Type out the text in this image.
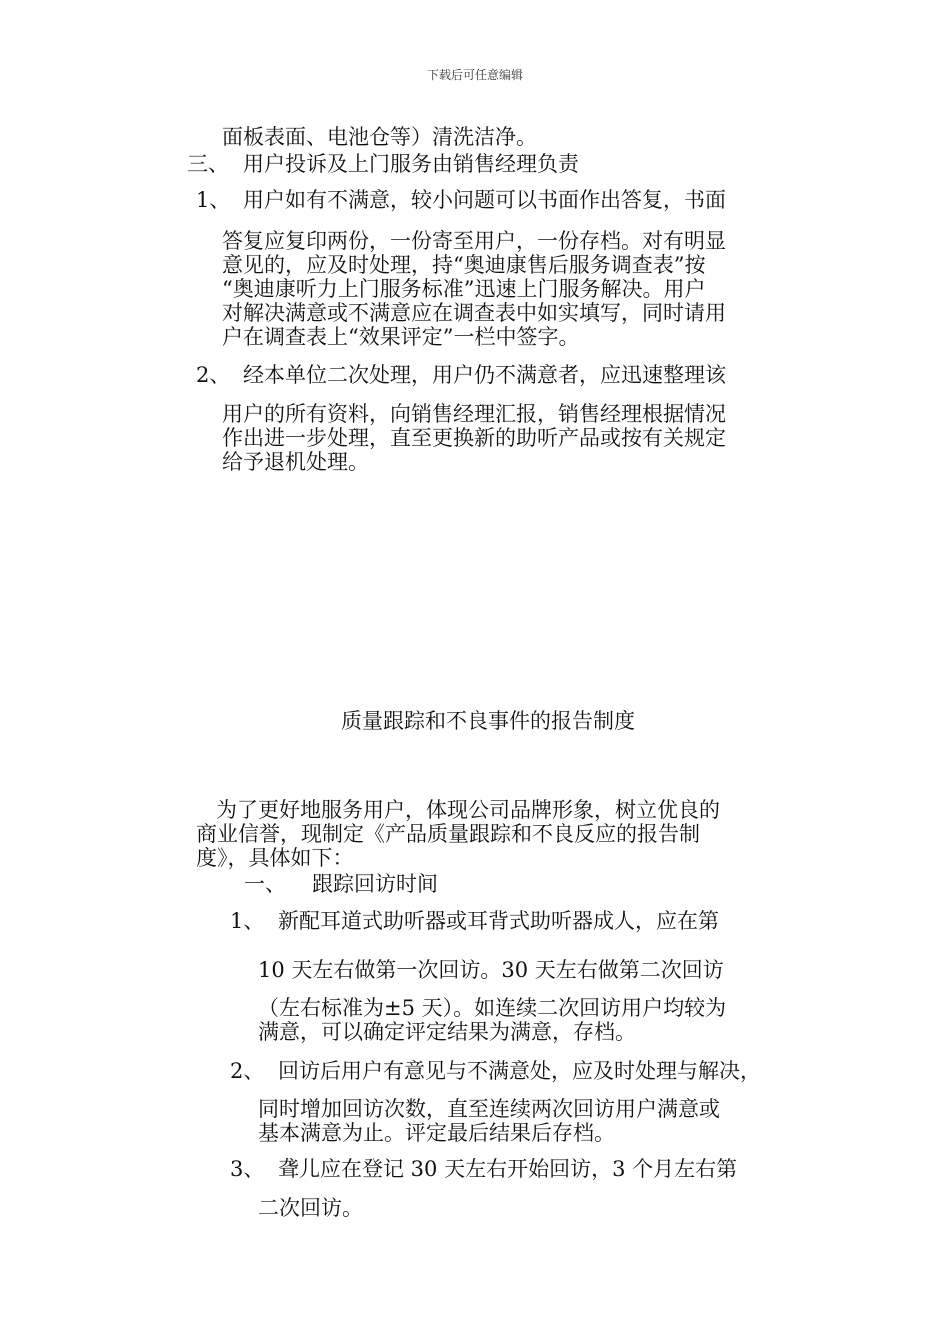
下载后可任意编辑
面板表面、电池仓等）清洗洁净。
三、 用户投诉及上门服务由销售经理负责
1、 用户如有不满意，较小问题可以书面作出答复，书面
答复应复印两份，一份寄至用户，一份存档。对有明显
意见的，应及时处理，持“奥迪康售后服务调查表”按
“奥迪康听力上门服务标准”迅速上门服务解决。用户
对解决满意或不满意应在调查表中如实填写，同时请用
户在调查表上“效果评定”一栏中签字。
2、 经本单位二次处理，用户仍不满意者，应迅速整理该
用户的所有资料，向销售经理汇报，销售经理根据情况
作出进一步处理，直至更换新的助听产品或按有关规定
给予退机处理。
质量跟踪和不良事件的报告制度
为了更好地服务用户，体现公司品牌形象，树立优良的
商业信誉，现制定《产品质量跟踪和不良反应的报告制
度》，具体如下：
一、 跟踪回访时间
1、 新配耳道式助听器或耳背式助听器成人，应在第
10 天左右做第一次回访。30 天左右做第二次回访
（左右标准为±5 天）。如连续二次回访用户均较为
满意，可以确定评定结果为满意，存档。
2、 回访后用户有意见与不满意处，应及时处理与解决，
同时增加回访次数，直至连续两次回访用户满意或
基本满意为止。评定最后结果后存档。
3、 聋儿应在登记 30 天左右开始回访，3 个月左右第
二次回访。
